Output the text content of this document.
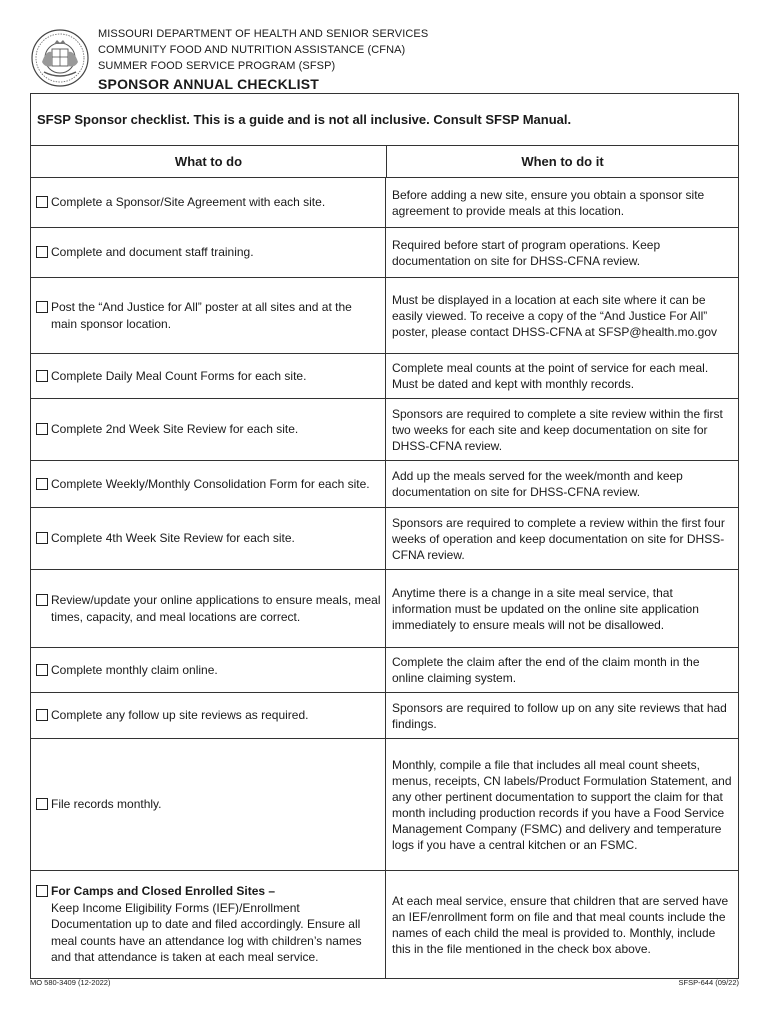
MISSOURI DEPARTMENT OF HEALTH AND SENIOR SERVICES
COMMUNITY FOOD AND NUTRITION ASSISTANCE (CFNA)
SUMMER FOOD SERVICE PROGRAM (SFSP)
SPONSOR ANNUAL CHECKLIST
SFSP Sponsor checklist. This is a guide and is not all inclusive. Consult SFSP Manual.
What to do	When to do it
Complete a Sponsor/Site Agreement with each site.
Before adding a new site, ensure you obtain a sponsor site agreement to provide meals at this location.
Complete and document staff training.
Required before start of program operations. Keep documentation on site for DHSS-CFNA review.
Post the “And Justice for All” poster at all sites and at the main sponsor location.
Must be displayed in a location at each site where it can be easily viewed. To receive a copy of the “And Justice For All” poster, please contact DHSS-CFNA at SFSP@health.mo.gov
Complete Daily Meal Count Forms for each site.
Complete meal counts at the point of service for each meal. Must be dated and kept with monthly records.
Complete 2nd Week Site Review for each site.
Sponsors are required to complete a site review within the first two weeks for each site and keep documentation on site for DHSS-CFNA review.
Complete Weekly/Monthly Consolidation Form for each site.
Add up the meals served for the week/month and keep documentation on site for DHSS-CFNA review.
Complete 4th Week Site Review for each site.
Sponsors are required to complete a review within the first four weeks of operation and keep documentation on site for DHSS-CFNA review.
Review/update your online applications to ensure meals, meal times, capacity, and meal locations are correct.
Anytime there is a change in a site meal service, that information must be updated on the online site application immediately to ensure meals will not be disallowed.
Complete monthly claim online.
Complete the claim after the end of the claim month in the online claiming system.
Complete any follow up site reviews as required.
Sponsors are required to follow up on any site reviews that had findings.
File records monthly.
Monthly, compile a file that includes all meal count sheets, menus, receipts, CN labels/Product Formulation Statement, and any other pertinent documentation to support the claim for that month including production records if you have a Food Service Management Company (FSMC) and delivery and temperature logs if you have a central kitchen or an FSMC.
For Camps and Closed Enrolled Sites –
Keep Income Eligibility Forms (IEF)/Enrollment Documentation up to date and filed accordingly. Ensure all meal counts have an attendance log with children’s names and that attendance is taken at each meal service.
At each meal service, ensure that children that are served have an IEF/enrollment form on file and that meal counts include the names of each child the meal is provided to. Monthly, include this in the file mentioned in the check box above.
MO 580-3409 (12-2022)	SFSP-644 (09/22)
